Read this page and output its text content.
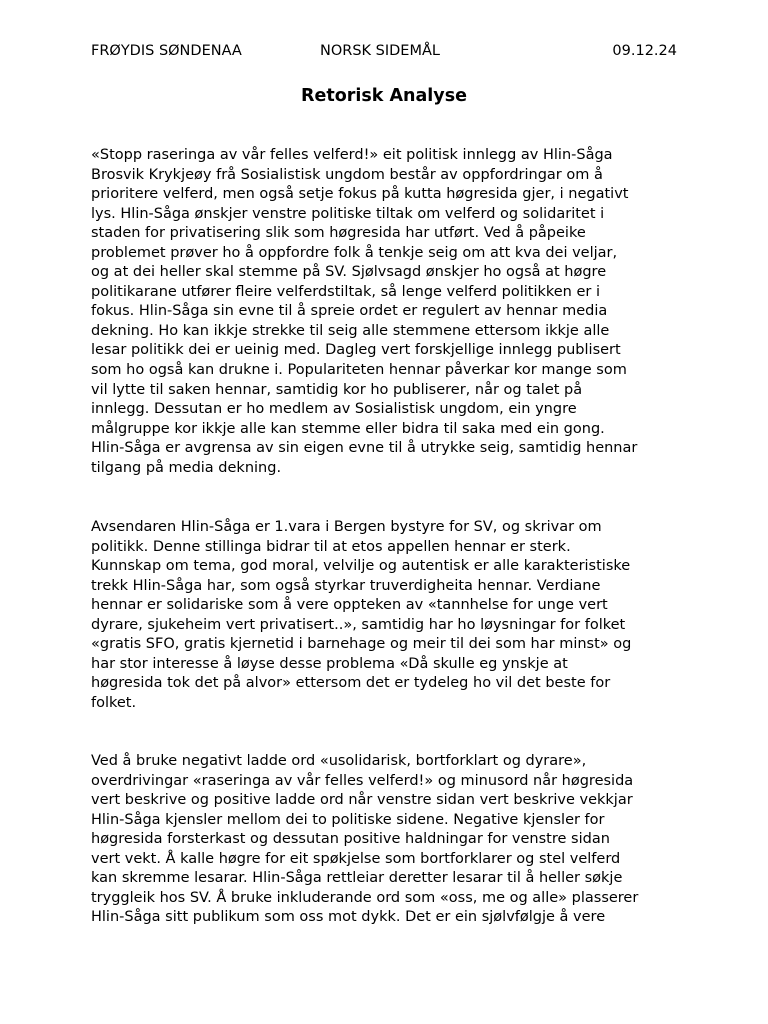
FRØYDIS SØNDENAA	NORSK SIDEMÅL	09.12.24
Retorisk Analyse
«Stopp raseringa av vår felles velferd!» eit politisk innlegg av Hlin-Såga
Brosvik Krykjeøy frå Sosialistisk ungdom består av oppfordringar om å
prioritere velferd, men også setje fokus på kutta høgresida gjer, i negativt
lys. Hlin-Såga ønskjer venstre politiske tiltak om velferd og solidaritet i
staden for privatisering slik som høgresida har utført. Ved å påpeike
problemet prøver ho å oppfordre folk å tenkje seig om att kva dei veljar,
og at dei heller skal stemme på SV. Sjølvsagd ønskjer ho også at høgre
politikarane utfører fleire velferdstiltak, så lenge velferd politikken er i
fokus. Hlin-Såga sin evne til å spreie ordet er regulert av hennar media
dekning. Ho kan ikkje strekke til seig alle stemmene ettersom ikkje alle
lesar politikk dei er ueinig med. Dagleg vert forskjellige innlegg publisert
som ho også kan drukne i. Populariteten hennar påverkar kor mange som
vil lytte til saken hennar, samtidig kor ho publiserer, når og talet på
innlegg. Dessutan er ho medlem av Sosialistisk ungdom, ein yngre
målgruppe kor ikkje alle kan stemme eller bidra til saka med ein gong.
Hlin-Såga er avgrensa av sin eigen evne til å utrykke seig, samtidig hennar
tilgang på media dekning.
Avsendaren Hlin-Såga er 1.vara i Bergen bystyre for SV, og skrivar om
politikk. Denne stillinga bidrar til at etos appellen hennar er sterk.
Kunnskap om tema, god moral, velvilje og autentisk er alle karakteristiske
trekk Hlin-Såga har, som også styrkar truverdigheita hennar. Verdiane
hennar er solidariske som å vere oppteken av «tannhelse for unge vert
dyrare, sjukeheim vert privatisert..», samtidig har ho løysningar for folket
«gratis SFO, gratis kjernetid i barnehage og meir til dei som har minst» og
har stor interesse å løyse desse problema «Då skulle eg ynskje at
høgresida tok det på alvor» ettersom det er tydeleg ho vil det beste for
folket.
Ved å bruke negativt ladde ord «usolidarisk, bortforklart og dyrare»,
overdrivingar «raseringa av vår felles velferd!» og minusord når høgresida
vert beskrive og positive ladde ord når venstre sidan vert beskrive vekkjar
Hlin-Såga kjensler mellom dei to politiske sidene. Negative kjensler for
høgresida forsterkast og dessutan positive haldningar for venstre sidan
vert vekt. Å kalle høgre for eit spøkjelse som bortforklarer og stel velferd
kan skremme lesarar. Hlin-Såga rettleiar deretter lesarar til å heller søkje
tryggleik hos SV. Å bruke inkluderande ord som «oss, me og alle» plasserer
Hlin-Såga sitt publikum som oss mot dykk. Det er ein sjølvfølgje å vere
